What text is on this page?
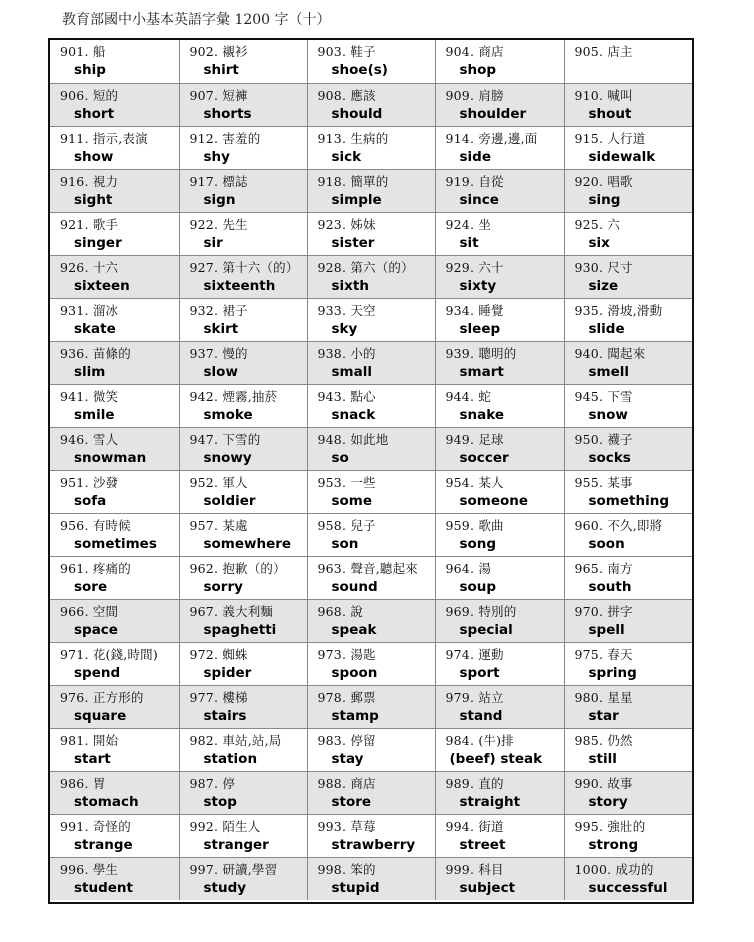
教育部國中小基本英語字彙 1200 字（十）
901. 船
ship	902. 襯衫
shirt	903. 鞋子
shoe(s)	904. 商店
shop	905. 店主

906. 短的
short	907. 短褲
shorts	908. 應該
should	909. 肩膀
shoulder	910. 喊叫
shout

911. 指示,表演
show	912. 害羞的
shy	913. 生病的
sick	914. 旁邊,邊,面
side	915. 人行道
sidewalk

916. 視力
sight	917. 標誌
sign	918. 簡單的
simple	919. 自從
since	920. 唱歌
sing

921. 歌手
singer	922. 先生
sir	923. 姊妹
sister	924. 坐
sit	925. 六
six

926. 十六
sixteen	927. 第十六（的）
sixteenth	928. 第六（的）
sixth	929. 六十
sixty	930. 尺寸
size

931. 溜冰
skate	932. 裙子
skirt	933. 天空
sky	934. 睡覺
sleep	935. 滑坡,滑動
slide

936. 苗條的
slim	937. 慢的
slow	938. 小的
small	939. 聰明的
smart	940. 聞起來
smell

941. 微笑
smile	942. 煙霧,抽菸
smoke	943. 點心
snack	944. 蛇
snake	945. 下雪
snow

946. 雪人
snowman	947. 下雪的
snowy	948. 如此地
so	949. 足球
soccer	950. 襪子
socks

951. 沙發
sofa	952. 軍人
soldier	953. 一些
some	954. 某人
someone	955. 某事
something

956. 有時候
sometimes	957. 某處
somewhere	958. 兒子
son	959. 歌曲
song	960. 不久,即將
soon

961. 疼痛的
sore	962. 抱歉（的）
sorry	963. 聲音,聽起來
sound	964. 湯
soup	965. 南方
south

966. 空間
space	967. 義大利麵
spaghetti	968. 說
speak	969. 特別的
special	970. 拼字
spell

971. 花(錢,時間)
spend	972. 蜘蛛
spider	973. 湯匙
spoon	974. 運動
sport	975. 春天
spring

976. 正方形的
square	977. 樓梯
stairs	978. 郵票
stamp	979. 站立
stand	980. 星星
star

981. 開始
start	982. 車站,站,局
station	983. 停留
stay	984. (牛)排
(beef) steak	985. 仍然
still

986. 胃
stomach	987. 停
stop	988. 商店
store	989. 直的
straight	990. 故事
story

991. 奇怪的
strange	992. 陌生人
stranger	993. 草莓
strawberry	994. 街道
street	995. 強壯的
strong

996. 學生
student	997. 研讀,學習
study	998. 笨的
stupid	999. 科目
subject	1000. 成功的
successful
